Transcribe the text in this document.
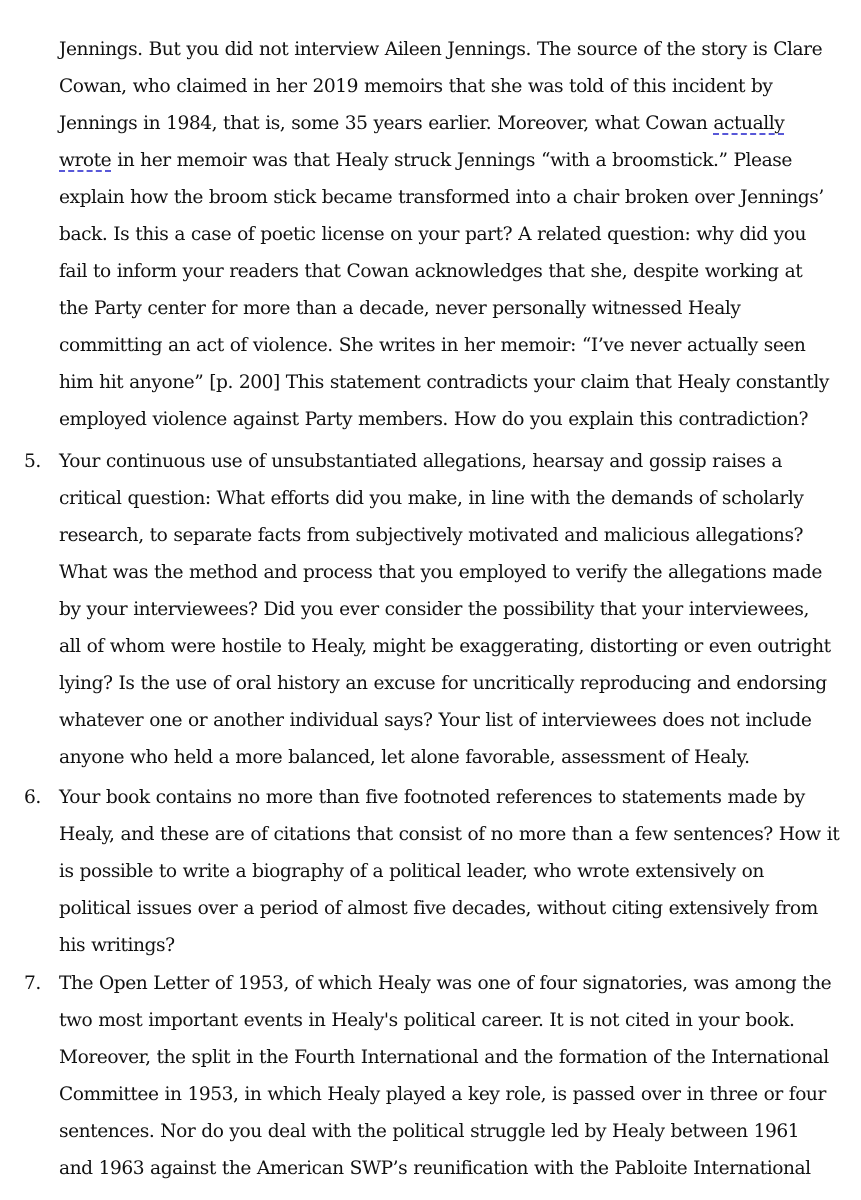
Jennings. But you did not interview Aileen Jennings. The source of the story is Clare
Cowan, who claimed in her 2019 memoirs that she was told of this incident by
Jennings in 1984, that is, some 35 years earlier. Moreover, what Cowan actually
wrote in her memoir was that Healy struck Jennings “with a broomstick.” Please
explain how the broom stick became transformed into a chair broken over Jennings’
back. Is this a case of poetic license on your part? A related question: why did you
fail to inform your readers that Cowan acknowledges that she, despite working at
the Party center for more than a decade, never personally witnessed Healy
committing an act of violence. She writes in her memoir: “I’ve never actually seen
him hit anyone” [p. 200] This statement contradicts your claim that Healy constantly
employed violence against Party members. How do you explain this contradiction?
5. Your continuous use of unsubstantiated allegations, hearsay and gossip raises a
critical question: What efforts did you make, in line with the demands of scholarly
research, to separate facts from subjectively motivated and malicious allegations?
What was the method and process that you employed to verify the allegations made
by your interviewees? Did you ever consider the possibility that your interviewees,
all of whom were hostile to Healy, might be exaggerating, distorting or even outright
lying? Is the use of oral history an excuse for uncritically reproducing and endorsing
whatever one or another individual says? Your list of interviewees does not include
anyone who held a more balanced, let alone favorable, assessment of Healy.
6. Your book contains no more than five footnoted references to statements made by
Healy, and these are of citations that consist of no more than a few sentences? How it
is possible to write a biography of a political leader, who wrote extensively on
political issues over a period of almost five decades, without citing extensively from
his writings?
7. The Open Letter of 1953, of which Healy was one of four signatories, was among the
two most important events in Healy's political career. It is not cited in your book.
Moreover, the split in the Fourth International and the formation of the International
Committee in 1953, in which Healy played a key role, is passed over in three or four
sentences. Nor do you deal with the political struggle led by Healy between 1961
and 1963 against the American SWP’s reunification with the Pabloite International
